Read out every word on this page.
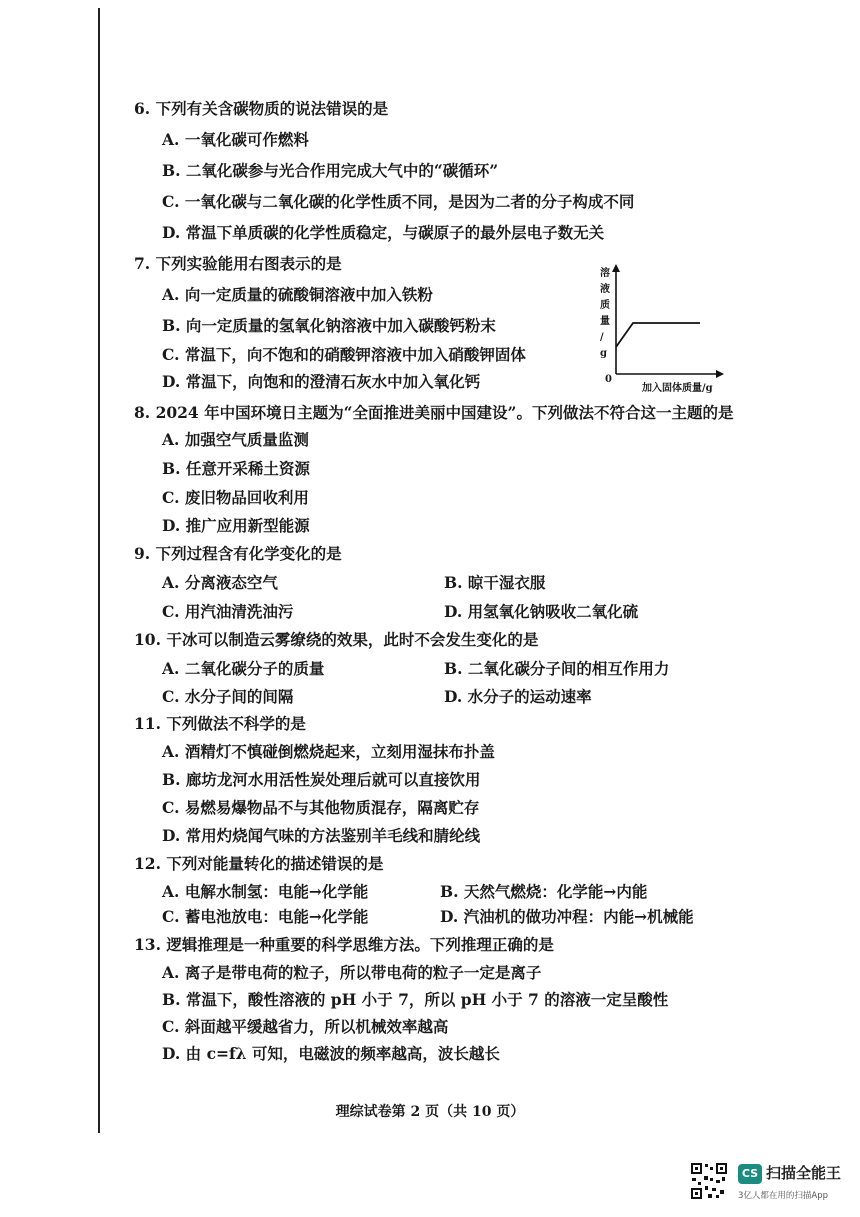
6. 下列有关含碳物质的说法错误的是
A. 一氧化碳可作燃料
B. 二氧化碳参与光合作用完成大气中的“碳循环”
C. 一氧化碳与二氧化碳的化学性质不同，是因为二者的分子构成不同
D. 常温下单质碳的化学性质稳定，与碳原子的最外层电子数无关
7. 下列实验能用右图表示的是
A. 向一定质量的硫酸铜溶液中加入铁粉
B. 向一定质量的氢氧化钠溶液中加入碳酸钙粉末
C. 常温下，向不饱和的硝酸钾溶液中加入硝酸钾固体
D. 常温下，向饱和的澄清石灰水中加入氧化钙
溶
液
质
量
/
g
0
加入固体质量/g
8. 2024 年中国环境日主题为“全面推进美丽中国建设”。下列做法不符合这一主题的是
A. 加强空气质量监测
B. 任意开采稀土资源
C. 废旧物品回收利用
D. 推广应用新型能源
9. 下列过程含有化学变化的是
A. 分离液态空气	B. 晾干湿衣服
C. 用汽油清洗油污	D. 用氢氧化钠吸收二氧化硫
10. 干冰可以制造云雾缭绕的效果，此时不会发生变化的是
A. 二氧化碳分子的质量	B. 二氧化碳分子间的相互作用力
C. 水分子间的间隔	D. 水分子的运动速率
11. 下列做法不科学的是
A. 酒精灯不慎碰倒燃烧起来，立刻用湿抹布扑盖
B. 廊坊龙河水用活性炭处理后就可以直接饮用
C. 易燃易爆物品不与其他物质混存，隔离贮存
D. 常用灼烧闻气味的方法鉴别羊毛线和腈纶线
12. 下列对能量转化的描述错误的是
A. 电解水制氢：电能→化学能	B. 天然气燃烧：化学能→内能
C. 蓄电池放电：电能→化学能	D. 汽油机的做功冲程：内能→机械能
13. 逻辑推理是一种重要的科学思维方法。下列推理正确的是
A. 离子是带电荷的粒子，所以带电荷的粒子一定是离子
B. 常温下，酸性溶液的 pH 小于 7，所以 pH 小于 7 的溶液一定呈酸性
C. 斜面越平缓越省力，所以机械效率越高
D. 由 c=fλ 可知，电磁波的频率越高，波长越长
理综试卷第 2 页（共 10 页）
CS 扫描全能王
3亿人都在用的扫描App
